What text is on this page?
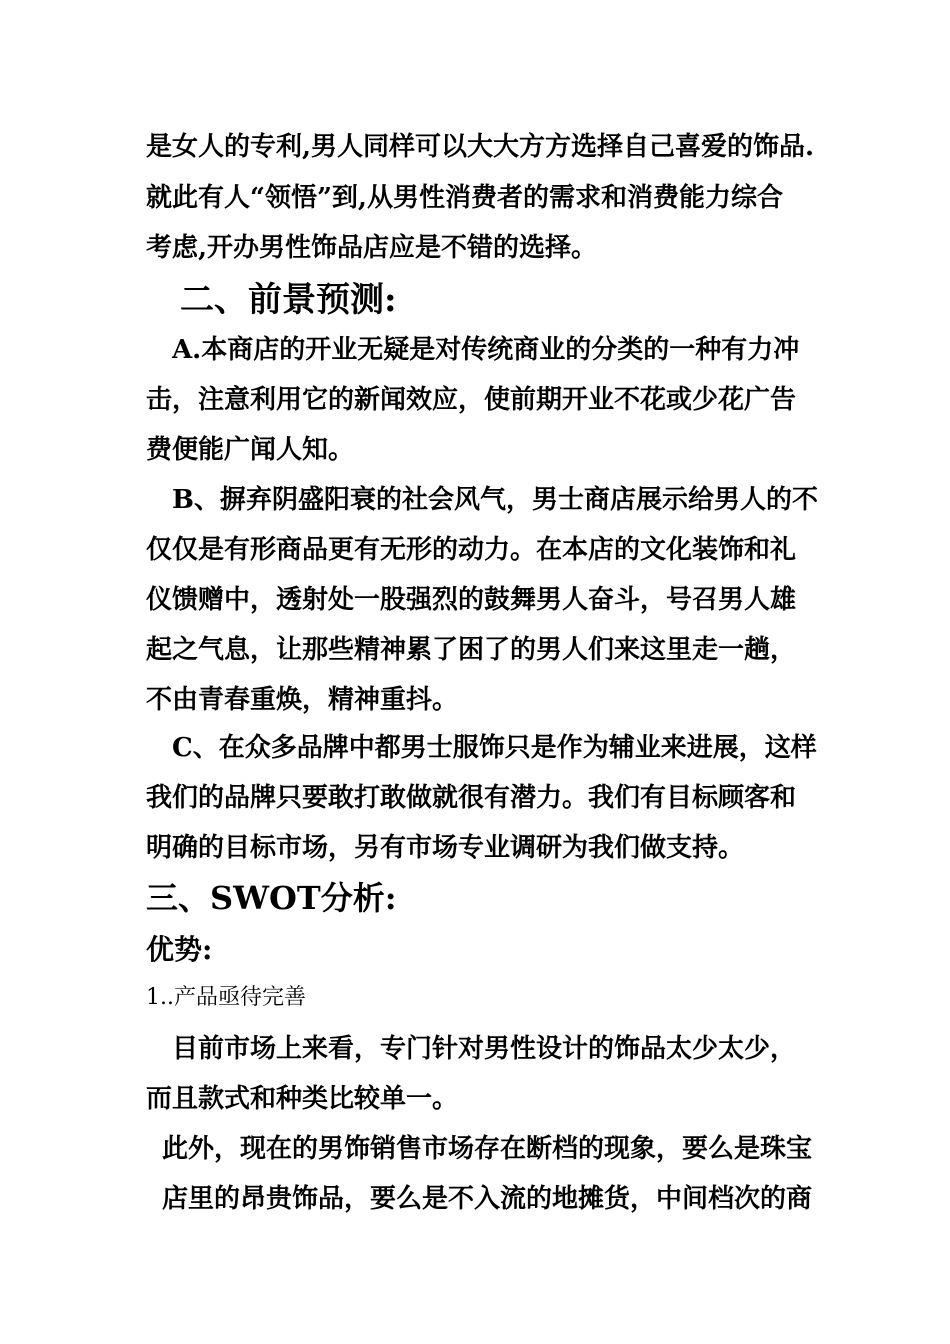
是女人的专利,男人同样可以大大方方选择自己喜爱的饰品.
就此有人“领悟”到,从男性消费者的需求和消费能力综合
考虑,开办男性饰品店应是不错的选择。
二、前景预测:
A.本商店的开业无疑是对传统商业的分类的一种有力冲
击，注意利用它的新闻效应，使前期开业不花或少花广告
费便能广闻人知。
B、摒弃阴盛阳衰的社会风气，男士商店展示给男人的不
仅仅是有形商品更有无形的动力。在本店的文化装饰和礼
仪馈赠中，透射处一股强烈的鼓舞男人奋斗，号召男人雄
起之气息，让那些精神累了困了的男人们来这里走一趟，
不由青春重焕，精神重抖。
C、在众多品牌中都男士服饰只是作为辅业来进展，这样
我们的品牌只要敢打敢做就很有潜力。我们有目标顾客和
明确的目标市场，另有市场专业调研为我们做支持。
三、SWOT分析:
优势:
1..产品亟待完善
目前市场上来看，专门针对男性设计的饰品太少太少，
而且款式和种类比较单一。
此外，现在的男饰销售市场存在断档的现象，要么是珠宝
店里的昂贵饰品，要么是不入流的地摊货，中间档次的商
